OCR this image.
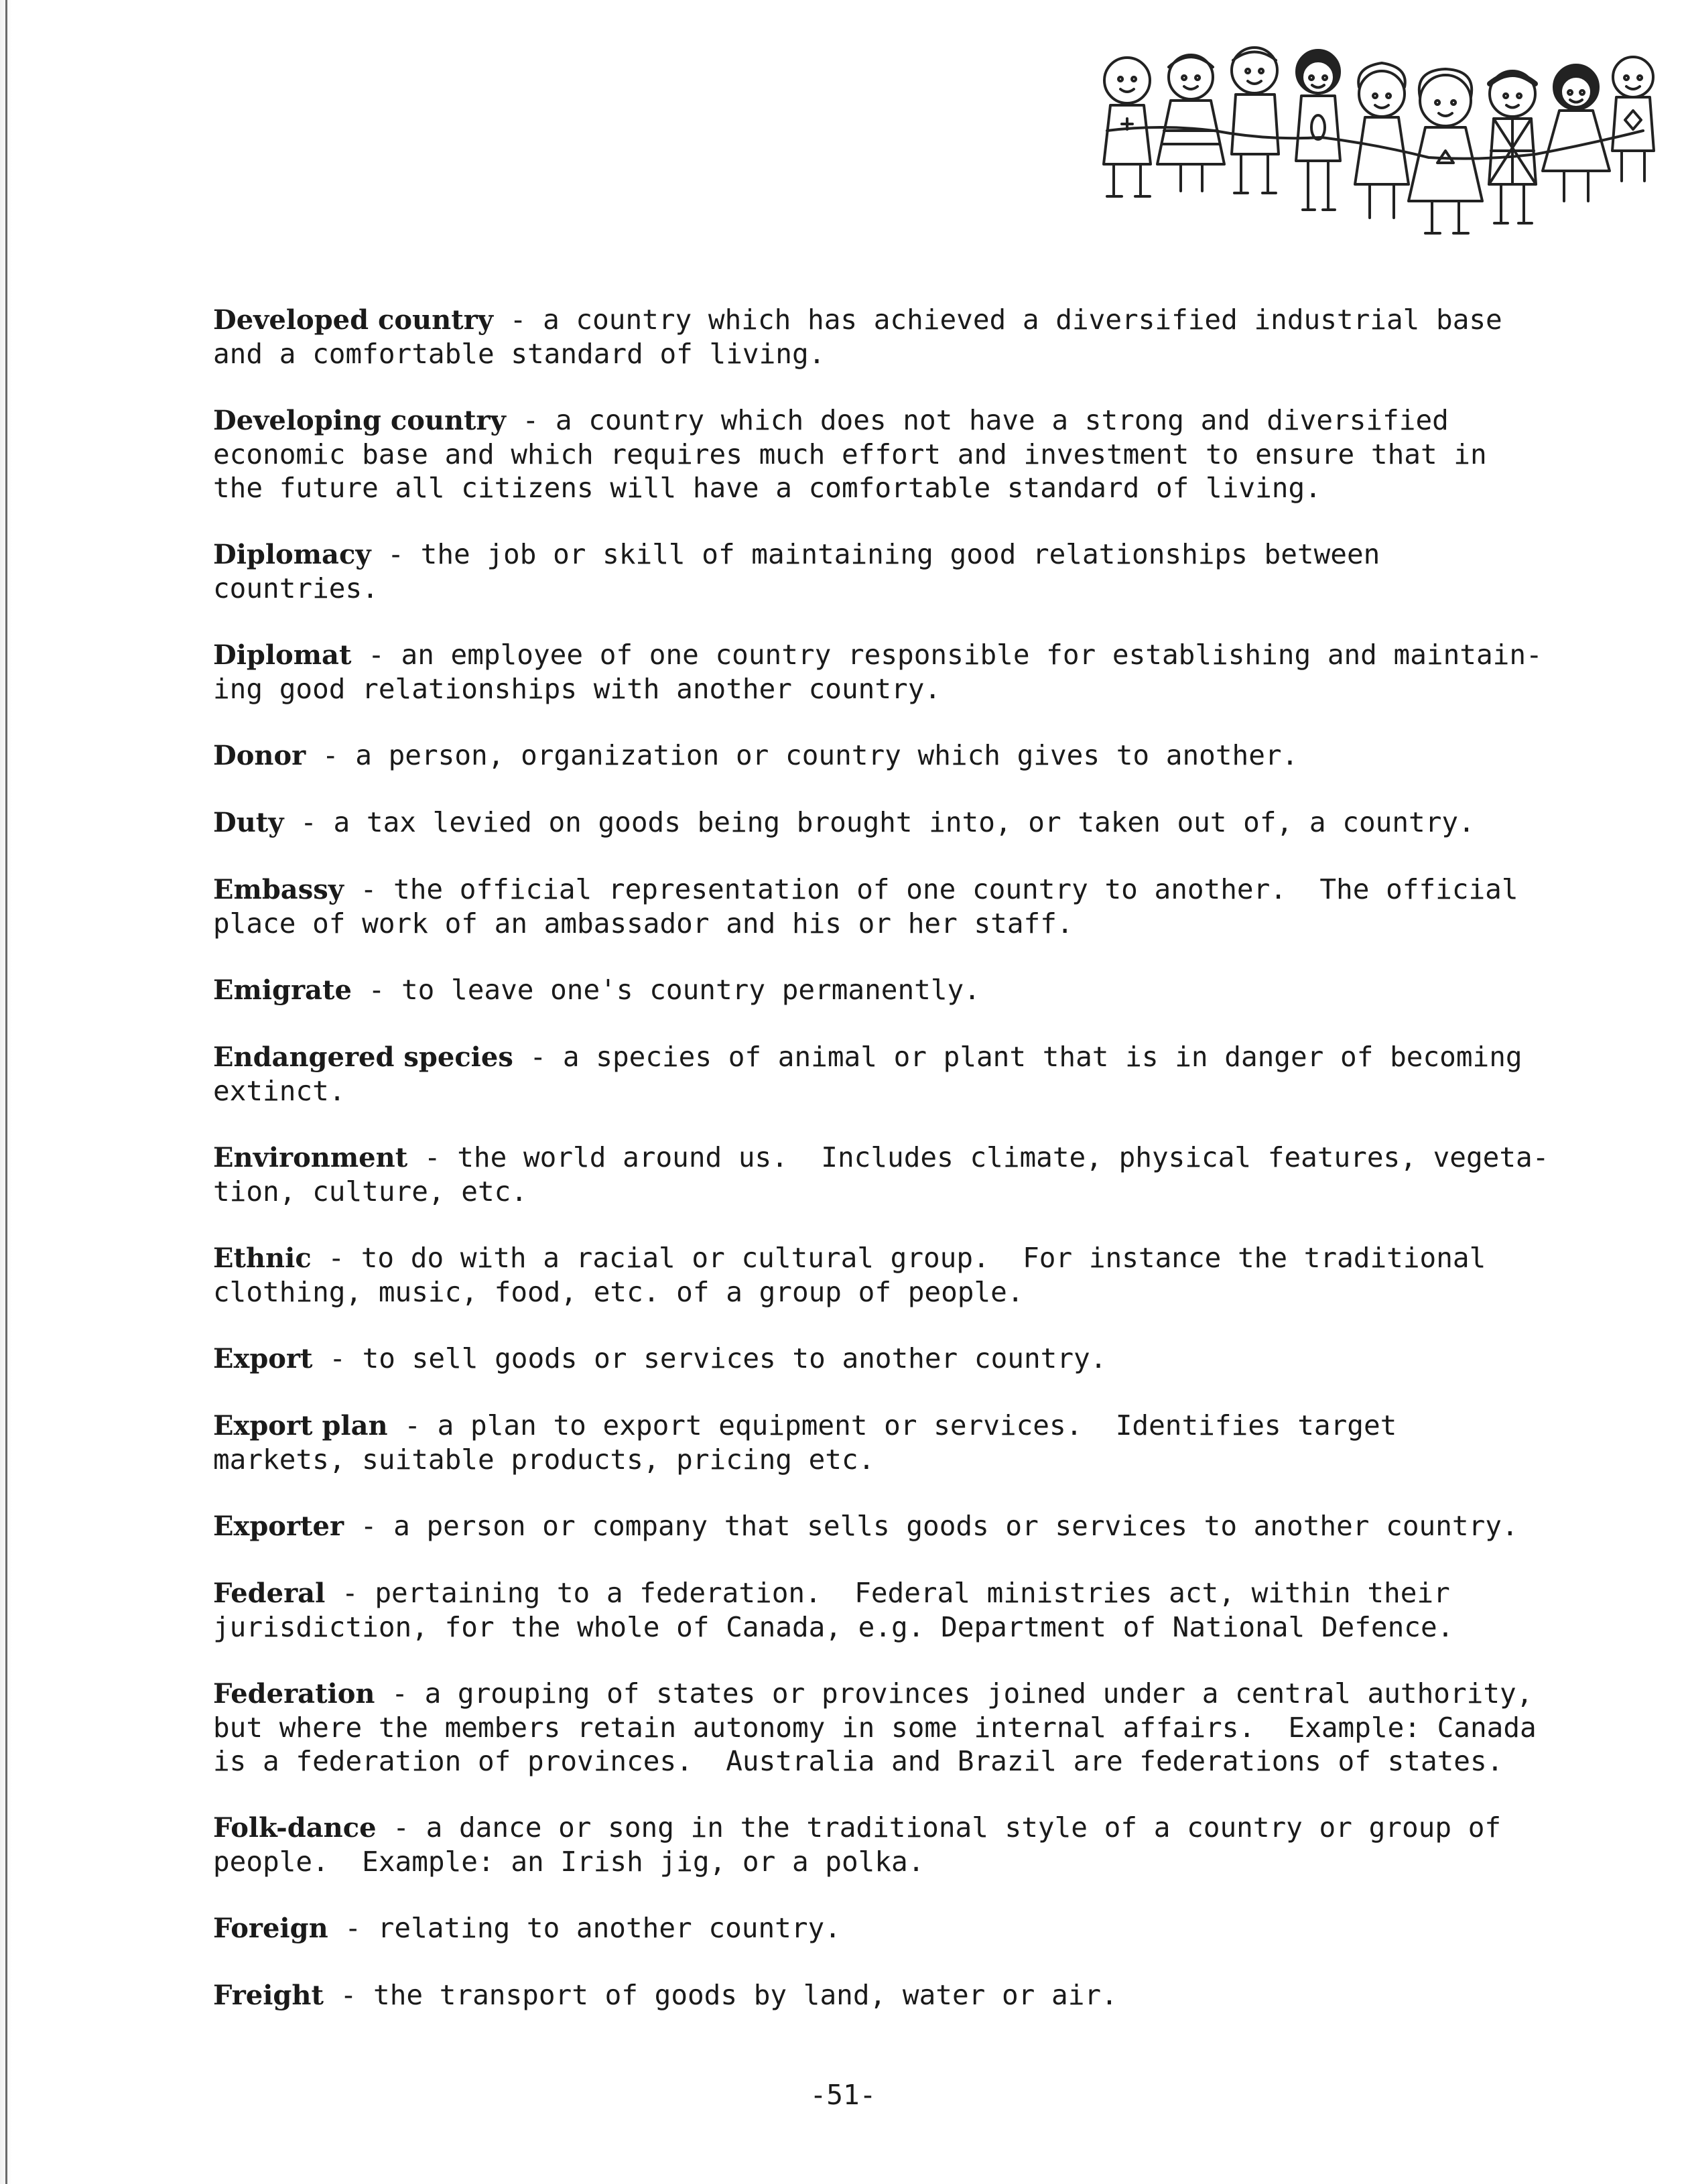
Developed country - a country which has achieved a diversified industrial base
and a comfortable standard of living.
Developing country - a country which does not have a strong and diversified
economic base and which requires much effort and investment to ensure that in
the future all citizens will have a comfortable standard of living.
Diplomacy - the job or skill of maintaining good relationships between
countries.
Diplomat - an employee of one country responsible for establishing and maintain-
ing good relationships with another country.
Donor - a person, organization or country which gives to another.
Duty - a tax levied on goods being brought into, or taken out of, a country.
Embassy - the official representation of one country to another.  The official
place of work of an ambassador and his or her staff.
Emigrate - to leave one's country permanently.
Endangered species - a species of animal or plant that is in danger of becoming
extinct.
Environment - the world around us.  Includes climate, physical features, vegeta-
tion, culture, etc.
Ethnic - to do with a racial or cultural group.  For instance the traditional
clothing, music, food, etc. of a group of people.
Export - to sell goods or services to another country.
Export plan - a plan to export equipment or services.  Identifies target
markets, suitable products, pricing etc.
Exporter - a person or company that sells goods or services to another country.
Federal - pertaining to a federation.  Federal ministries act, within their
jurisdiction, for the whole of Canada, e.g. Department of National Defence.
Federation - a grouping of states or provinces joined under a central authority,
but where the members retain autonomy in some internal affairs.  Example: Canada
is a federation of provinces.  Australia and Brazil are federations of states.
Folk-dance - a dance or song in the traditional style of a country or group of
people.  Example: an Irish jig, or a polka.
Foreign - relating to another country.
Freight - the transport of goods by land, water or air.
-51-
